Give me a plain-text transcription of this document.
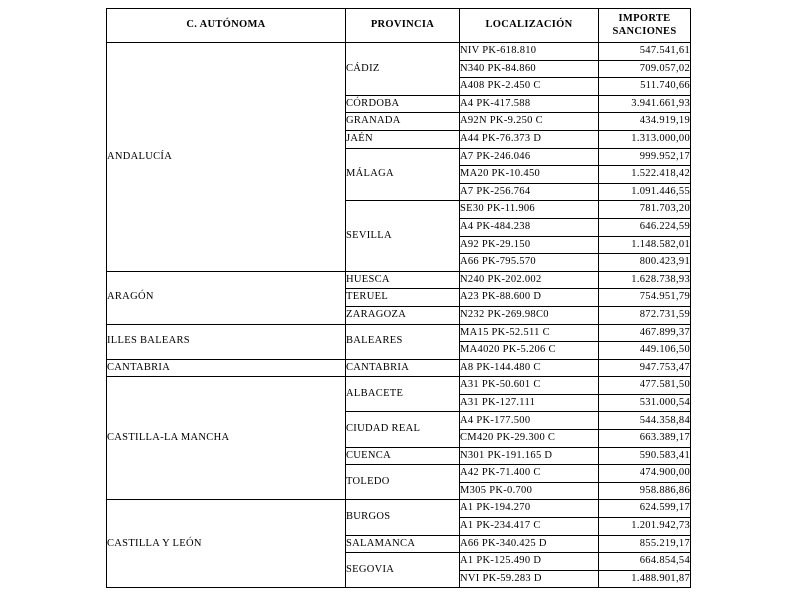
C. AUTÓNOMA	PROVINCIA	LOCALIZACIÓN	IMPORTE
SANCIONES

ANDALUCÍA	CÁDIZ	NIV PK-618.810	547.541,61
		N340 PK-84.860	709.057,02
		A408 PK-2.450 C	511.740,66
	CÓRDOBA	A4 PK-417.588	3.941.661,93
	GRANADA	A92N PK-9.250 C	434.919,19
	JAÉN	A44 PK-76.373 D	1.313.000,00
	MÁLAGA	A7 PK-246.046	999.952,17
		MA20 PK-10.450	1.522.418,42
		A7 PK-256.764	1.091.446,55
	SEVILLA	SE30 PK-11.906	781.703,20
		A4 PK-484.238	646.224,59
		A92 PK-29.150	1.148.582,01
		A66 PK-795.570	800.423,91
ARAGÓN	HUESCA	N240 PK-202.002	1.628.738,93
	TERUEL	A23 PK-88.600 D	754.951,79
	ZARAGOZA	N232 PK-269.98C0	872.731,59
ILLES BALEARS	BALEARES	MA15 PK-52.511 C	467.899,37
		MA4020 PK-5.206 C	449.106,50
CANTABRIA	CANTABRIA	A8 PK-144.480 C	947.753,47
CASTILLA-LA MANCHA	ALBACETE	A31 PK-50.601 C	477.581,50
		A31 PK-127.111	531.000,54
	CIUDAD REAL	A4 PK-177.500	544.358,84
		CM420 PK-29.300 C	663.389,17
	CUENCA	N301 PK-191.165 D	590.583,41
	TOLEDO	A42 PK-71.400 C	474.900,00
		M305 PK-0.700	958.886,86
CASTILLA Y LEÓN	BURGOS	A1 PK-194.270	624.599,17
		A1 PK-234.417 C	1.201.942,73
	SALAMANCA	A66 PK-340.425 D	855.219,17
	SEGOVIA	A1 PK-125.490 D	664.854,54
		NVI PK-59.283 D	1.488.901,87
